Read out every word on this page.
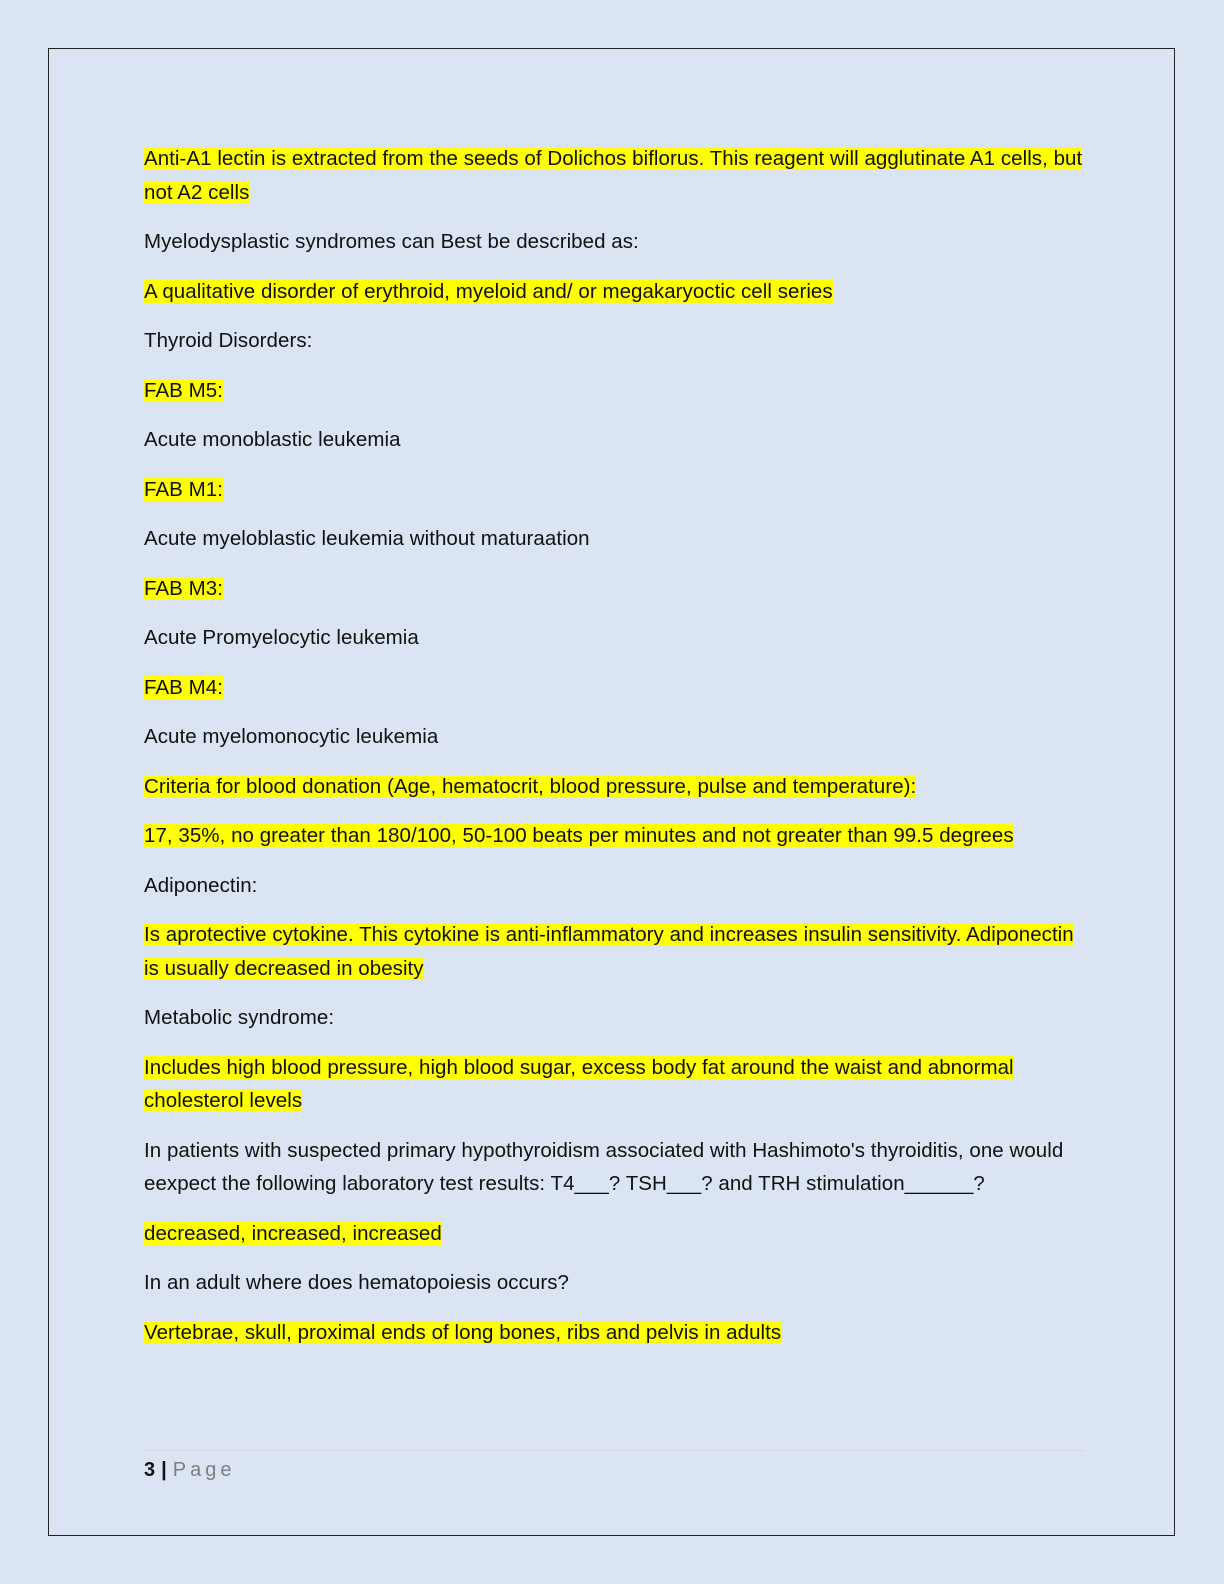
Anti-A1 lectin is extracted from the seeds of Dolichos biflorus. This reagent will agglutinate A1 cells, but not A2 cells

Myelodysplastic syndromes can Best be described as:

A qualitative disorder of erythroid, myeloid and/ or megakaryoctic cell series

Thyroid Disorders:

FAB M5:

Acute monoblastic leukemia

FAB M1:

Acute myeloblastic leukemia without maturaation

FAB M3:

Acute Promyelocytic leukemia

FAB M4:

Acute myelomonocytic leukemia

Criteria for blood donation (Age, hematocrit, blood pressure, pulse and temperature):

17, 35%, no greater than 180/100, 50-100 beats per minutes and not greater than 99.5 degrees

Adiponectin:

Is aprotective cytokine. This cytokine is anti-inflammatory and increases insulin sensitivity. Adiponectin is usually decreased in obesity

Metabolic syndrome:

Includes high blood pressure, high blood sugar, excess body fat around the waist and abnormal cholesterol levels

In patients with suspected primary hypothyroidism associated with Hashimoto's thyroiditis, one would eexpect the following laboratory test results: T4___? TSH___? and TRH stimulation______?

decreased, increased, increased

In an adult where does hematopoiesis occurs?

Vertebrae, skull, proximal ends of long bones, ribs and pelvis in adults

3 | Page
